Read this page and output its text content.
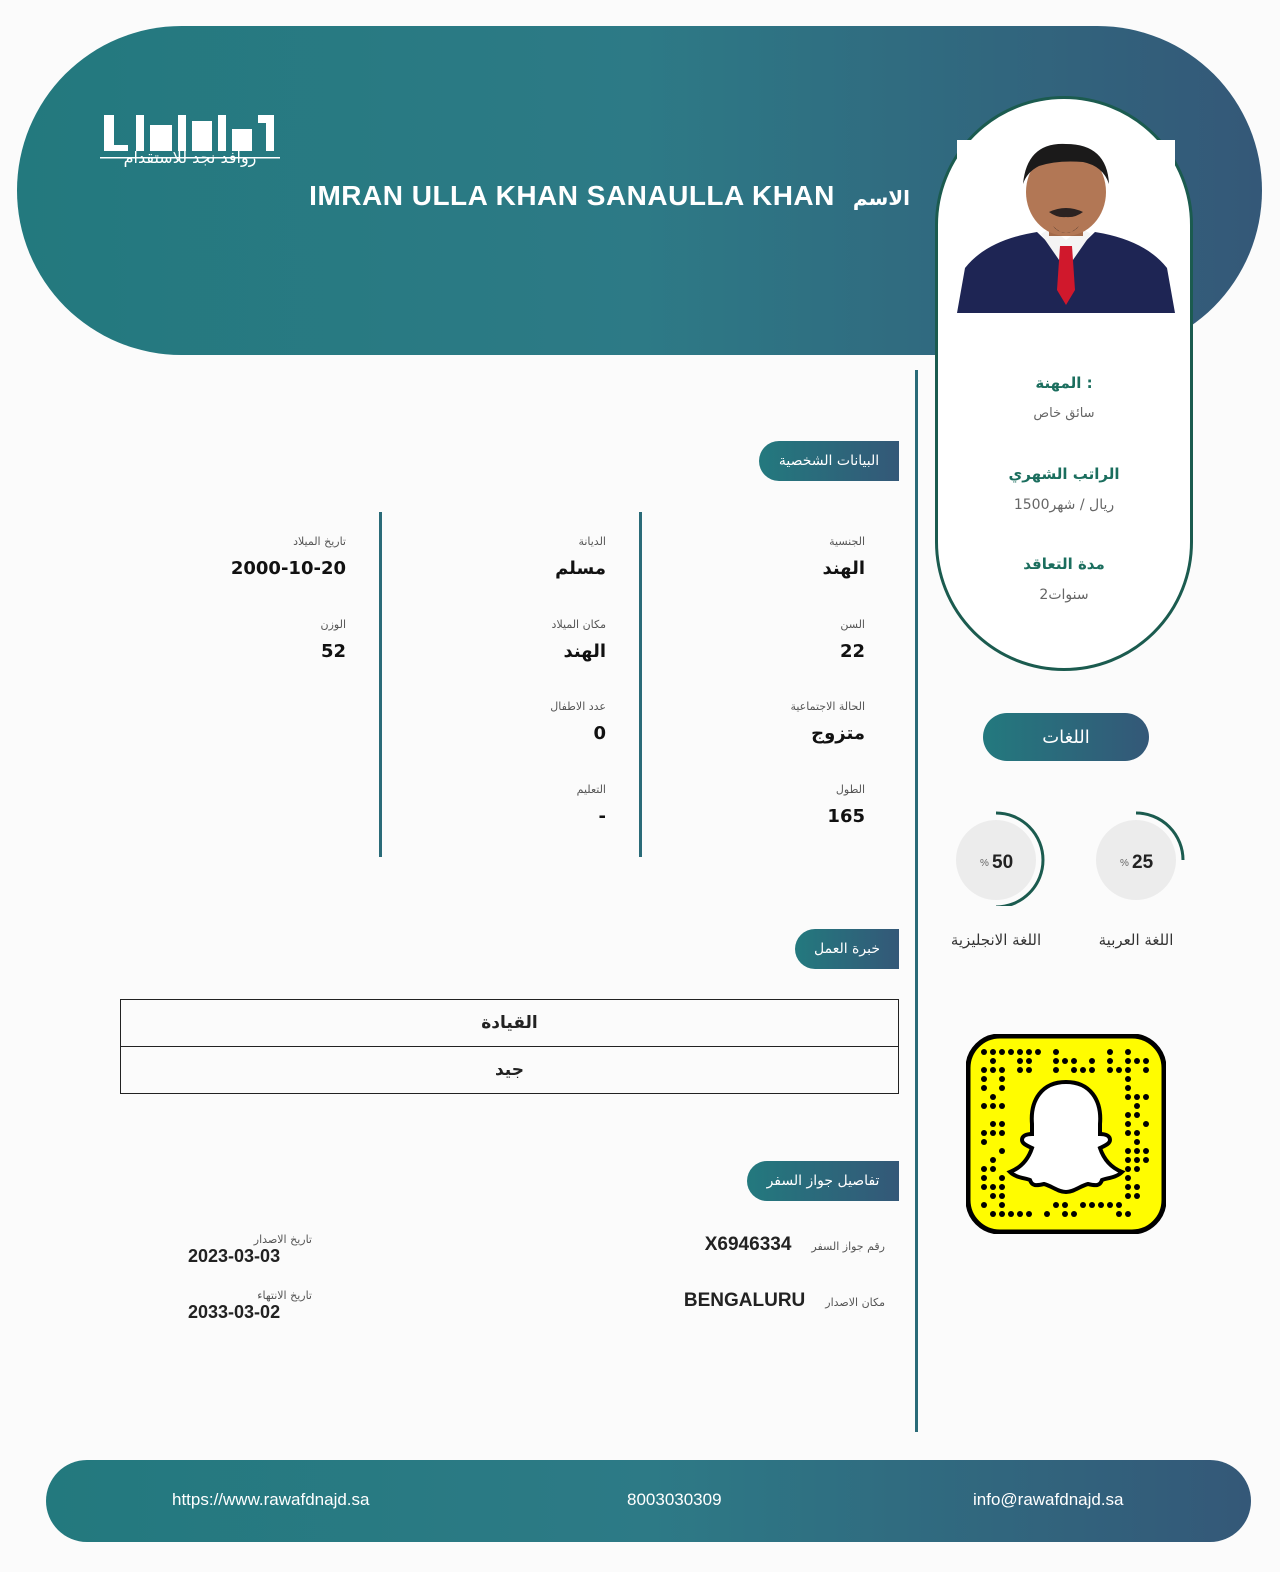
روافد نجد للاستقدام
الاسم
IMRAN ULLA KHAN SANAULLA KHAN
المهنة :
سائق خاص
الراتب الشهري
1500ريال / شهر
مدة التعاقد
2سنوات
البيانات الشخصية
خبرة العمل
تفاصيل جواز السفر
اللغات
% 25
% 50
اللغة العربية
اللغة الانجليزية
الجنسية
الهند
السن
22
الحالة الاجتماعية
متزوج
الطول
165
الديانة
مسلم
مكان الميلاد
الهند
عدد الاطفال
0
التعليم
-
تاريخ الميلاد
2000-10-20
الوزن
52
القيادة
جيد
رقم جواز السفر
X6946334
مكان الاصدار
BENGALURU
تاريخ الاصدار
2023-03-03
تاريخ الانتهاء
2033-03-02
https://www.rawafdnajd.sa	8003030309	info@rawafdnajd.sa
